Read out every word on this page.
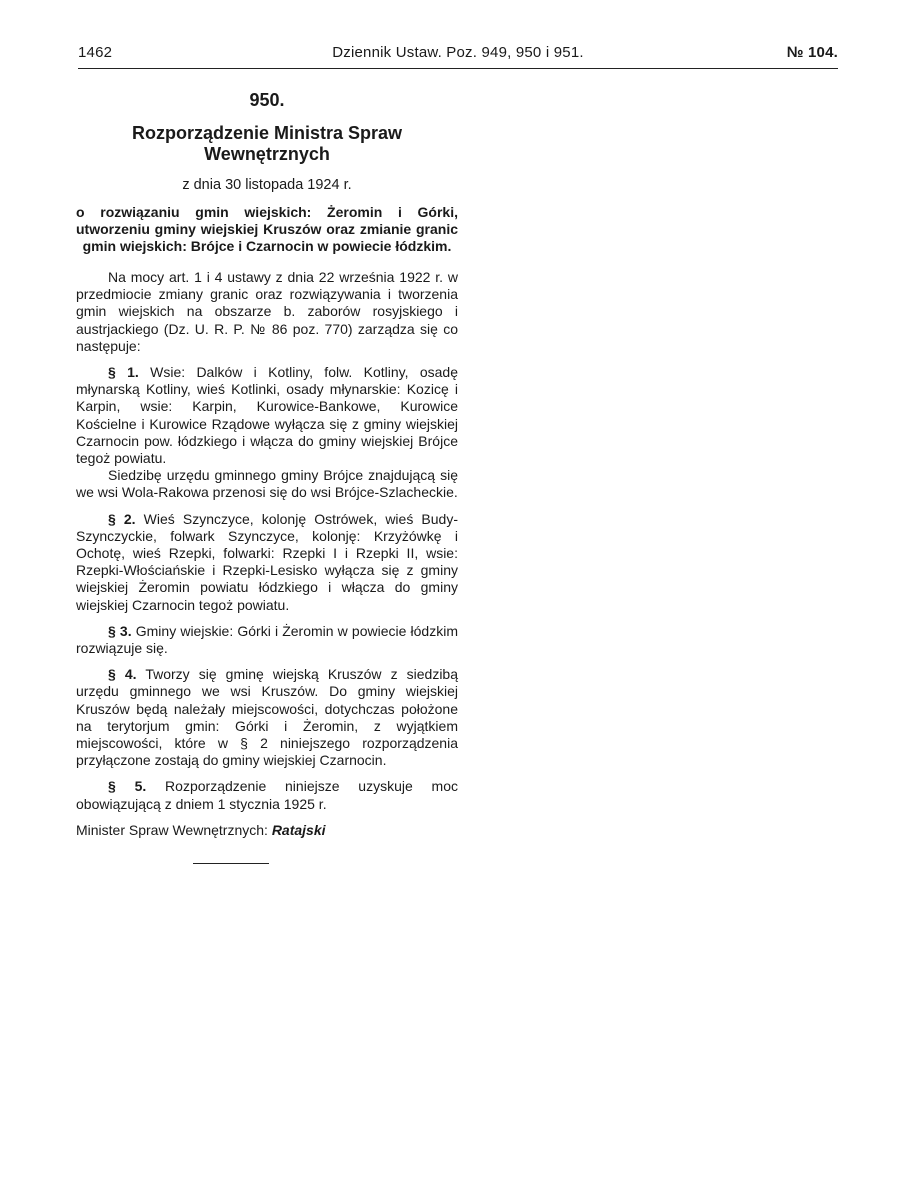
1462	Dziennik Ustaw. Poz. 949, 950 i 951.	№ 104.
950.
Rozporządzenie Ministra Spraw Wewnętrznych
z dnia 30 listopada 1924 r.
o rozwiązaniu gmin wiejskich: Żeromin i Górki, utworzeniu gminy wiejskiej Kruszów oraz zmianie granic gmin wiejskich: Brójce i Czarnocin w powiecie łódzkim.

Na mocy art. 1 i 4 ustawy z dnia 22 września 1922 r. w przedmiocie zmiany granic oraz rozwiązywania i tworzenia gmin wiejskich na obszarze b. zaborów rosyjskiego i austrjackiego (Dz. U. R. P. № 86 poz. 770) zarządza się co następuje:

§ 1. Wsie: Dalków i Kotliny, folw. Kotliny, osadę młynarską Kotliny, wieś Kotlinki, osady młynarskie: Kozicę i Karpin, wsie: Karpin, Kurowice-Bankowe, Kurowice Kościelne i Kurowice Rządowe wyłącza się z gminy wiejskiej Czarnocin pow. łódzkiego i włącza do gminy wiejskiej Brójce tegoż powiatu.

Siedzibę urzędu gminnego gminy Brójce znajdującą się we wsi Wola-Rakowa przenosi się do wsi Brójce-Szlacheckie.

§ 2. Wieś Szynczyce, kolonję Ostrówek, wieś Budy-Szynczyckie, folwark Szynczyce, kolonję: Krzyżówkę i Ochotę, wieś Rzepki, folwarki: Rzepki I i Rzepki II, wsie: Rzepki-Włościańskie i Rzepki-Lesisko wyłącza się z gminy wiejskiej Żeromin powiatu łódzkiego i włącza do gminy wiejskiej Czarnocin tegoż powiatu.

§ 3. Gminy wiejskie: Górki i Żeromin w powiecie łódzkim rozwiązuje się.

§ 4. Tworzy się gminę wiejską Kruszów z siedzibą urzędu gminnego we wsi Kruszów. Do gminy wiejskiej Kruszów będą należały miejscowości, dotychczas położone na terytorjum gmin: Górki i Żeromin, z wyjątkiem miejscowości, które w § 2 niniejszego rozporządzenia przyłączone zostają do gminy wiejskiej Czarnocin.

§ 5. Rozporządzenie niniejsze uzyskuje moc obowiązującą z dniem 1 stycznia 1925 r.

Minister Spraw Wewnętrznych: Ratajski
